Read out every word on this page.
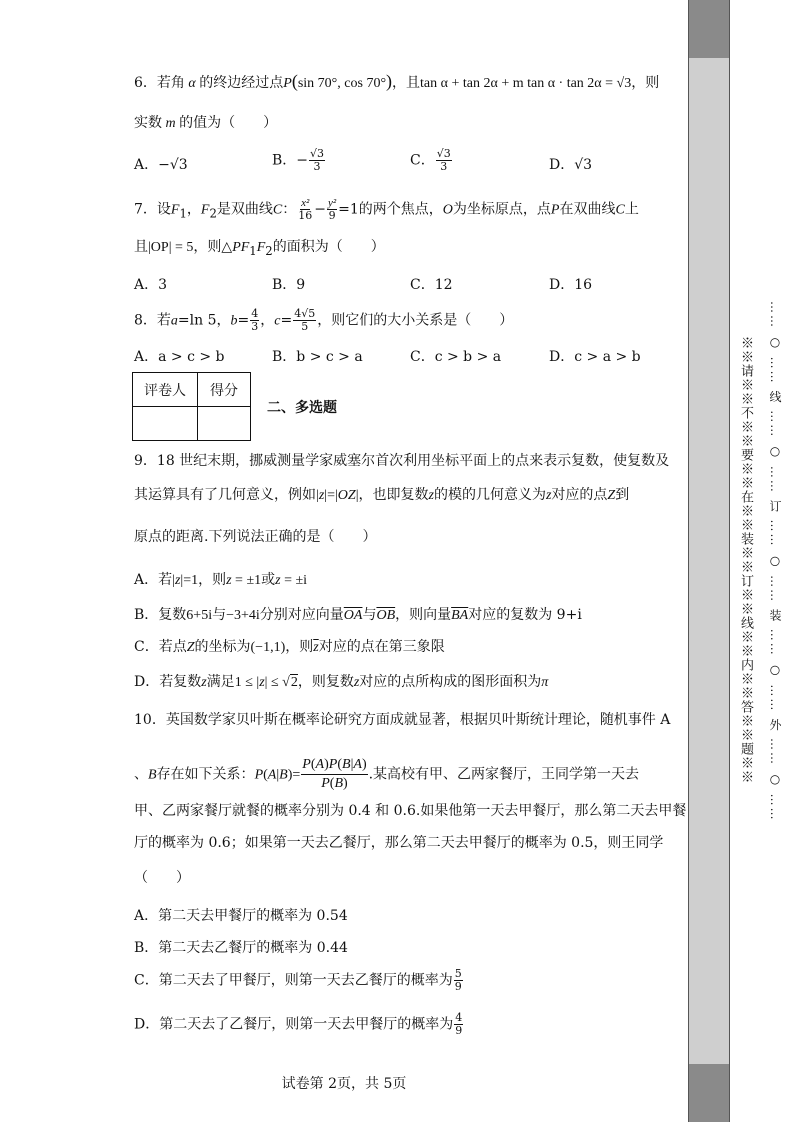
6．若角 α 的终边经过点P(sin 70°, cos 70°)，且tan α + tan 2α + m tan α · tan 2α = √3，则
实数 m 的值为（　　）
A．−√3	B．− $\frac{√3}{3}$	C． $\frac{√3}{3}$	D．√3
7．设$F_1$，$F_2$是双曲线C： $\frac{\text{x²}}{16} - \frac{\text{y²}}{9} =1$的两个焦点，O为坐标原点，点P在双曲线C上
且|OP| = 5，则$\triangle PF_1F_2$的面积为（　　）
A．3	B．9	C．12	D．16
8．若a=ln 5，$b= \frac{4}{3}$ ，$c= \frac{4√5}{5}$ ，则它们的大小关系是（　　）
A．a > c > b	B．b > c > a	C．c > b > a	D．c > a > b
评卷人	得分

二、多选题
9．18 世纪末期，挪威测量学家威塞尔首次利用坐标平面上的点来表示复数，使复数及
其运算具有了几何意义，例如|z|=|OZ|，也即复数z的模的几何意义为z对应的点Z到
原点的距离.下列说法正确的是（　　）
A．若|z|=1，则z = ±1或z = ±i
B．复数6+5i与−3+4i分别对应向量$\overline{OA}$与$\overline{OB}$，则向量$\overline{BA}$对应的复数为 9+i
C．若点Z的坐标为(−1,1)，则$\overline{z}$对应的点在第三象限
D．若复数z满足1 ≤ |z| ≤ √2，则复数z对应的点所构成的图形面积为π
10．英国数学家贝叶斯在概率论研究方面成就显著，根据贝叶斯统计理论，随机事件 A
、B存在如下关系：$P(A|B)= \frac{P(A)P(B|A)}{P(B)}$ .某高校有甲、乙两家餐厅，王同学第一天去
甲、乙两家餐厅就餐的概率分别为 0.4 和 0.6.如果他第一天去甲餐厅，那么第二天去甲餐
厅的概率为 0.6；如果第一天去乙餐厅，那么第二天去甲餐厅的概率为 0.5，则王同学
（　　）
A．第二天去甲餐厅的概率为 0.54
B．第二天去乙餐厅的概率为 0.44
C．第二天去了甲餐厅，则第一天去乙餐厅的概率为 $\frac{5}{9}$
D．第二天去了乙餐厅，则第一天去甲餐厅的概率为 $\frac{4}{9}$
试卷第 2页，共 5页
※※请※※不※※要※※在※※装※※订※※线※※内※※答※※题※※ …… ○ …… 线 …… ○ …… 订 …… ○ …… 装 …… ○ …… 外 …… ○ ……
